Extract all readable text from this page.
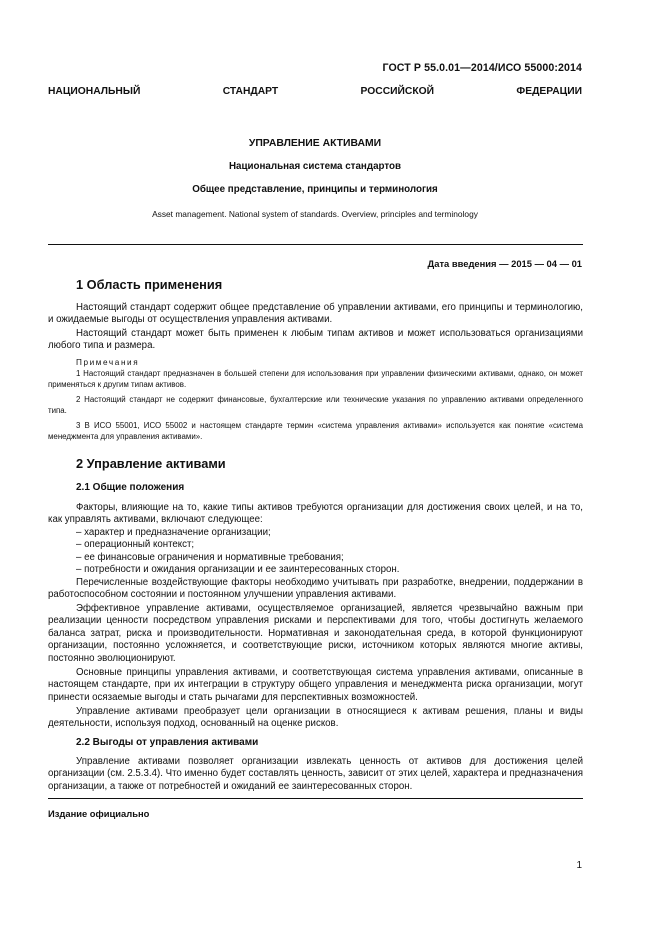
ГОСТ Р 55.0.01—2014/ИСО 55000:2014
НАЦИОНАЛЬНЫЙ СТАНДАРТ РОССИЙСКОЙ ФЕДЕРАЦИИ
УПРАВЛЕНИЕ АКТИВАМИ
Национальная система стандартов
Общее представление, принципы и терминология
Asset management. National system of standards. Overview, principles and terminology
Дата введения — 2015 — 04 — 01
1 Область применения

Настоящий стандарт содержит общее представление об управлении активами, его принципы и терминологию, и ожидаемые выгоды от осуществления управления активами.

Настоящий стандарт может быть применен к любым типам активов и может использоваться организациями любого типа и размера.

Примечания

1 Настоящий стандарт предназначен в большей степени для использования при управлении физическими активами, однако, он может применяться к другим типам активов.

2 Настоящий стандарт не содержит финансовые, бухгалтерские или технические указания по управлению активами определенного типа.

3 В ИСО 55001, ИСО 55002 и настоящем стандарте термин «система управления активами» используется как понятие «система менеджмента для управления активами».

2 Управление активами
2.1 Общие положения

Факторы, влияющие на то, какие типы активов требуются организации для достижения своих целей, и на то, как управлять активами, включают следующее:

– характер и предназначение организации;
– операционный контекст;
– ее финансовые ограничения и нормативные требования;
– потребности и ожидания организации и ее заинтересованных сторон.

Перечисленные воздействующие факторы необходимо учитывать при разработке, внедрении, поддержании в работоспособном состоянии и постоянном улучшении управления активами.

Эффективное управление активами, осуществляемое организацией, является чрезвычайно важным при реализации ценности посредством управления рисками и перспективами для того, чтобы достигнуть желаемого баланса затрат, риска и производительности. Нормативная и законодательная среда, в которой функционируют организации, постоянно усложняется, и соответствующие риски, источником которых являются многие активы, постоянно эволюционируют.

Основные принципы управления активами, и соответствующая система управления активами, описанные в настоящем стандарте, при их интеграции в структуру общего управления и менеджмента риска организации, могут принести осязаемые выгоды и стать рычагами для перспективных возможностей.

Управление активами преобразует цели организации в относящиеся к активам решения, планы и виды деятельности, используя подход, основанный на оценке рисков.

2.2 Выгоды от управления активами

Управление активами позволяет организации извлекать ценность от активов для достижения целей организации (см. 2.5.3.4). Что именно будет составлять ценность, зависит от этих целей, характера и предназначения организации, а также от потребностей и ожиданий ее заинтересованных сторон.

Издание официально
1
